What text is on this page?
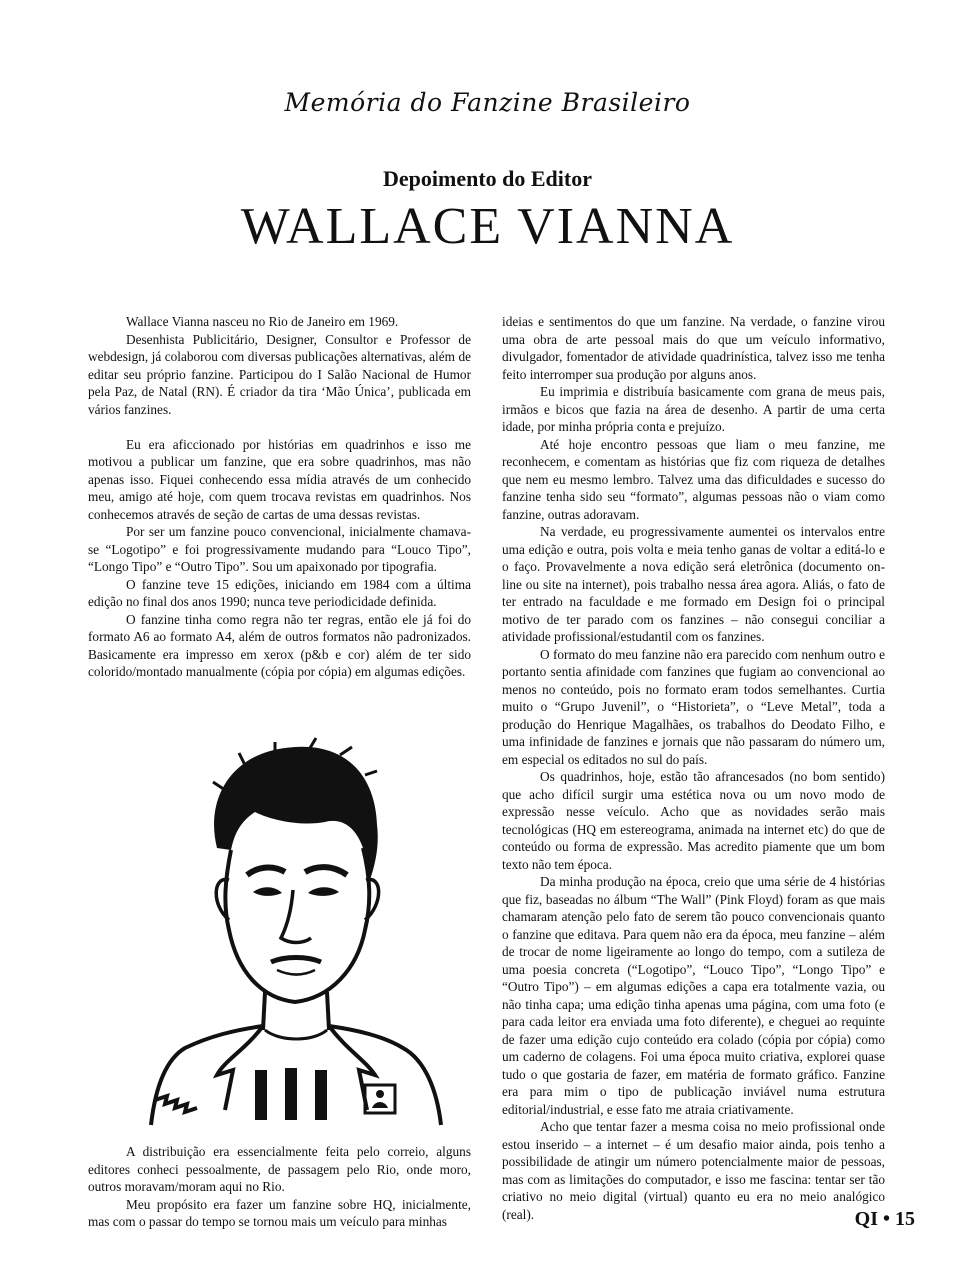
Memória do Fanzine Brasileiro
Depoimento do Editor
WALLACE VIANNA

Wallace Vianna nasceu no Rio de Janeiro em 1969.

Desenhista Publicitário, Designer, Consultor e Professor de webdesign, já colaborou com diversas publicações alternativas, além de editar seu próprio fanzine. Participou do I Salão Nacional de Humor pela Paz, de Natal (RN). É criador da tira ‘Mão Única’, publicada em vários fanzines.

Eu era aficcionado por histórias em quadrinhos e isso me motivou a publicar um fanzine, que era sobre quadrinhos, mas não apenas isso. Fiquei conhecendo essa mídia através de um conhecido meu, amigo até hoje, com quem trocava revistas em quadrinhos. Nos conhecemos através de seção de cartas de uma dessas revistas.

Por ser um fanzine pouco convencional, inicialmente chamava-se “Logotipo” e foi progressivamente mudando para “Louco Tipo”, “Longo Tipo” e “Outro Tipo”. Sou um apaixonado por tipografia.

O fanzine teve 15 edições, iniciando em 1984 com a última edição no final dos anos 1990; nunca teve periodicidade definida.

O fanzine tinha como regra não ter regras, então ele já foi do formato A6 ao formato A4, além de outros formatos não padronizados. Basicamente era impresso em xerox (p&b e cor) além de ter sido colorido/montado manualmente (cópia por cópia) em algumas edições.

A distribuição era essencialmente feita pelo correio, alguns editores conheci pessoalmente, de passagem pelo Rio, onde moro, outros moravam/moram aqui no Rio.

Meu propósito era fazer um fanzine sobre HQ, inicialmente, mas com o passar do tempo se tornou mais um veículo para minhas

ideias e sentimentos do que um fanzine. Na verdade, o fanzine virou uma obra de arte pessoal mais do que um veículo informativo, divulgador, fomentador de atividade quadrinística, talvez isso me tenha feito interromper sua produção por alguns anos.

Eu imprimia e distribuía basicamente com grana de meus pais, irmãos e bicos que fazia na área de desenho. A partir de uma certa idade, por minha própria conta e prejuízo.

Até hoje encontro pessoas que liam o meu fanzine, me reconhecem, e comentam as histórias que fiz com riqueza de detalhes que nem eu mesmo lembro. Talvez uma das dificuldades e sucesso do fanzine tenha sido seu “formato”, algumas pessoas não o viam como fanzine, outras adoravam.

Na verdade, eu progressivamente aumentei os intervalos entre uma edição e outra, pois volta e meia tenho ganas de voltar a editá-lo e o faço. Provavelmente a nova edição será eletrônica (documento on-line ou site na internet), pois trabalho nessa área agora. Aliás, o fato de ter entrado na faculdade e me formado em Design foi o principal motivo de ter parado com os fanzines – não consegui conciliar a atividade profissional/estudantil com os fanzines.

O formato do meu fanzine não era parecido com nenhum outro e portanto sentia afinidade com fanzines que fugiam ao convencional ao menos no conteúdo, pois no formato eram todos semelhantes. Curtia muito o “Grupo Juvenil”, o “Historieta”, o “Leve Metal”, toda a produção do Henrique Magalhães, os trabalhos do Deodato Filho, e uma infinidade de fanzines e jornais que não passaram do número um, em especial os editados no sul do país.

Os quadrinhos, hoje, estão tão afrancesados (no bom sentido) que acho difícil surgir uma estética nova ou um novo modo de expressão nesse veículo. Acho que as novidades serão mais tecnológicas (HQ em estereograma, animada na internet etc) do que de conteúdo ou forma de expressão. Mas acredito piamente que um bom texto não tem época.

Da minha produção na época, creio que uma série de 4 histórias que fiz, baseadas no álbum “The Wall” (Pink Floyd) foram as que mais chamaram atenção pelo fato de serem tão pouco convencionais quanto o fanzine que editava. Para quem não era da época, meu fanzine – além de trocar de nome ligeiramente ao longo do tempo, com a sutileza de uma poesia concreta (“Logotipo”, “Louco Tipo”, “Longo Tipo” e “Outro Tipo”) – em algumas edições a capa era totalmente vazia, ou não tinha capa; uma edição tinha apenas uma página, com uma foto (e para cada leitor era enviada uma foto diferente), e cheguei ao requinte de fazer uma edição cujo conteúdo era colado (cópia por cópia) como um caderno de colagens. Foi uma época muito criativa, explorei quase tudo o que gostaria de fazer, em matéria de formato gráfico. Fanzine era para mim o tipo de publicação inviável numa estrutura editorial/industrial, e esse fato me atraia criativamente.

Acho que tentar fazer a mesma coisa no meio profissional onde estou inserido – a internet – é um desafio maior ainda, pois tenho a possibilidade de atingir um número potencialmente maior de pessoas, mas com as limitações do computador, e isso me fascina: tentar ser tão criativo no meio digital (virtual) quanto eu era no meio analógico (real).	QI • 15
